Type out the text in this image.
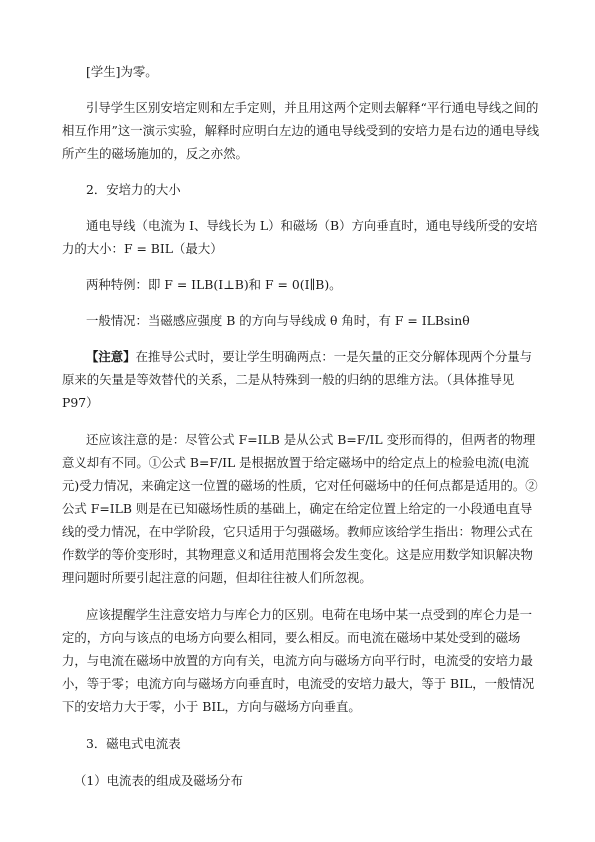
[学生]为零。

引导学生区别安培定则和左手定则，并且用这两个定则去解释“平行通电导线之间的相互作用”这一演示实验，解释时应明白左边的通电导线受到的安培力是右边的通电导线所产生的磁场施加的，反之亦然。

2．安培力的大小

通电导线（电流为 I、导线长为 L）和磁场（B）方向垂直时，通电导线所受的安培力的大小：F = BIL（最大）

两种特例：即 F = ILB(I⊥B)和 F = 0(I∥B)。

一般情况：当磁感应强度 B 的方向与导线成 θ 角时，有 F = ILBsinθ

【注意】在推导公式时，要让学生明确两点：一是矢量的正交分解体现两个分量与原来的矢量是等效替代的关系，二是从特殊到一般的归纳的思维方法。（具体推导见 P97）

还应该注意的是：尽管公式 F=ILB 是从公式 B=F/IL 变形而得的，但两者的物理意义却有不同。①公式 B=F/IL 是根据放置于给定磁场中的给定点上的检验电流(电流元)受力情况，来确定这一位置的磁场的性质，它对任何磁场中的任何点都是适用的。②公式 F=ILB 则是在已知磁场性质的基础上，确定在给定位置上给定的一小段通电直导线的受力情况，在中学阶段，它只适用于匀强磁场。教师应该给学生指出：物理公式在作数学的等价变形时，其物理意义和适用范围将会发生变化。这是应用数学知识解决物理问题时所要引起注意的问题，但却往往被人们所忽视。

应该提醒学生注意安培力与库仑力的区别。电荷在电场中某一点受到的库仑力是一定的，方向与该点的电场方向要么相同，要么相反。而电流在磁场中某处受到的磁场力，与电流在磁场中放置的方向有关，电流方向与磁场方向平行时，电流受的安培力最小，等于零；电流方向与磁场方向垂直时，电流受的安培力最大，等于 BIL，一般情况下的安培力大于零，小于 BIL，方向与磁场方向垂直。

3．磁电式电流表

（1）电流表的组成及磁场分布
